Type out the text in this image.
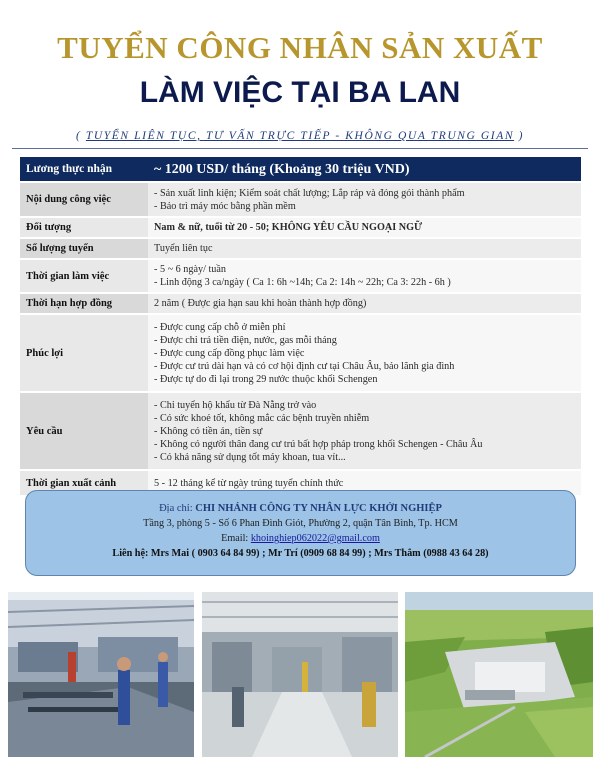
TUYỂN CÔNG NHÂN SẢN XUẤT
LÀM VIỆC TẠI BA LAN
( TUYỂN LIÊN TỤC, TƯ VẤN TRỰC TIẾP - KHÔNG QUA TRUNG GIAN )
Lương thực nhận	~ 1200 USD/ tháng (Khoảng 30 triệu VND)
Nội dung công việc	- Sản xuất linh kiện; Kiểm soát chất lượng; Lắp ráp và đóng gói thành phẩm
- Bảo trì máy móc bằng phần mềm

Đối tượng	Nam & nữ, tuổi từ 20 - 50; KHÔNG YÊU CẦU NGOẠI NGỮ
Số lượng tuyển	Tuyển liên tục
Thời gian làm việc	- 5 ~ 6 ngày/ tuần
- Linh động 3 ca/ngày ( Ca 1: 6h ~14h; Ca 2: 14h ~ 22h; Ca 3: 22h - 6h )

Thời hạn hợp đồng	2 năm ( Được gia hạn sau khi hoàn thành hợp đồng)
Phúc lợi	- Được cung cấp chỗ ở miễn phí
- Được chi trả tiền điện, nước, gas mỗi tháng
- Được cung cấp đồng phục làm việc
- Được cư trú dài hạn và có cơ hội định cư tại Châu Âu, bảo lãnh gia đình
- Được tự do đi lại trong 29 nước thuộc khối Schengen

Yêu cầu	- Chỉ tuyển hộ khẩu từ Đà Nẵng trở vào
- Có sức khoẻ tốt, không mắc các bệnh truyền nhiễm
- Không có tiền án, tiền sự
- Không có người thân đang cư trú bất hợp pháp trong khối Schengen - Châu Âu
- Có khả năng sử dụng tốt máy khoan, tua vít...

Thời gian xuất cảnh	5 - 12 tháng kể từ ngày trúng tuyển chính thức
Địa chỉ: CHI NHÁNH CÔNG TY NHÂN LỰC KHỞI NGHIỆP
Tầng 3, phòng 5 - Số 6 Phan Đình Giót, Phường 2, quận Tân Bình, Tp. HCM
Email: khoinghiep062022@gmail.com
Liên hệ: Mrs Mai ( 0903 64 84 99) ; Mr Trí (0909 68 84 99) ; Mrs Thắm (0988 43 64 28)
